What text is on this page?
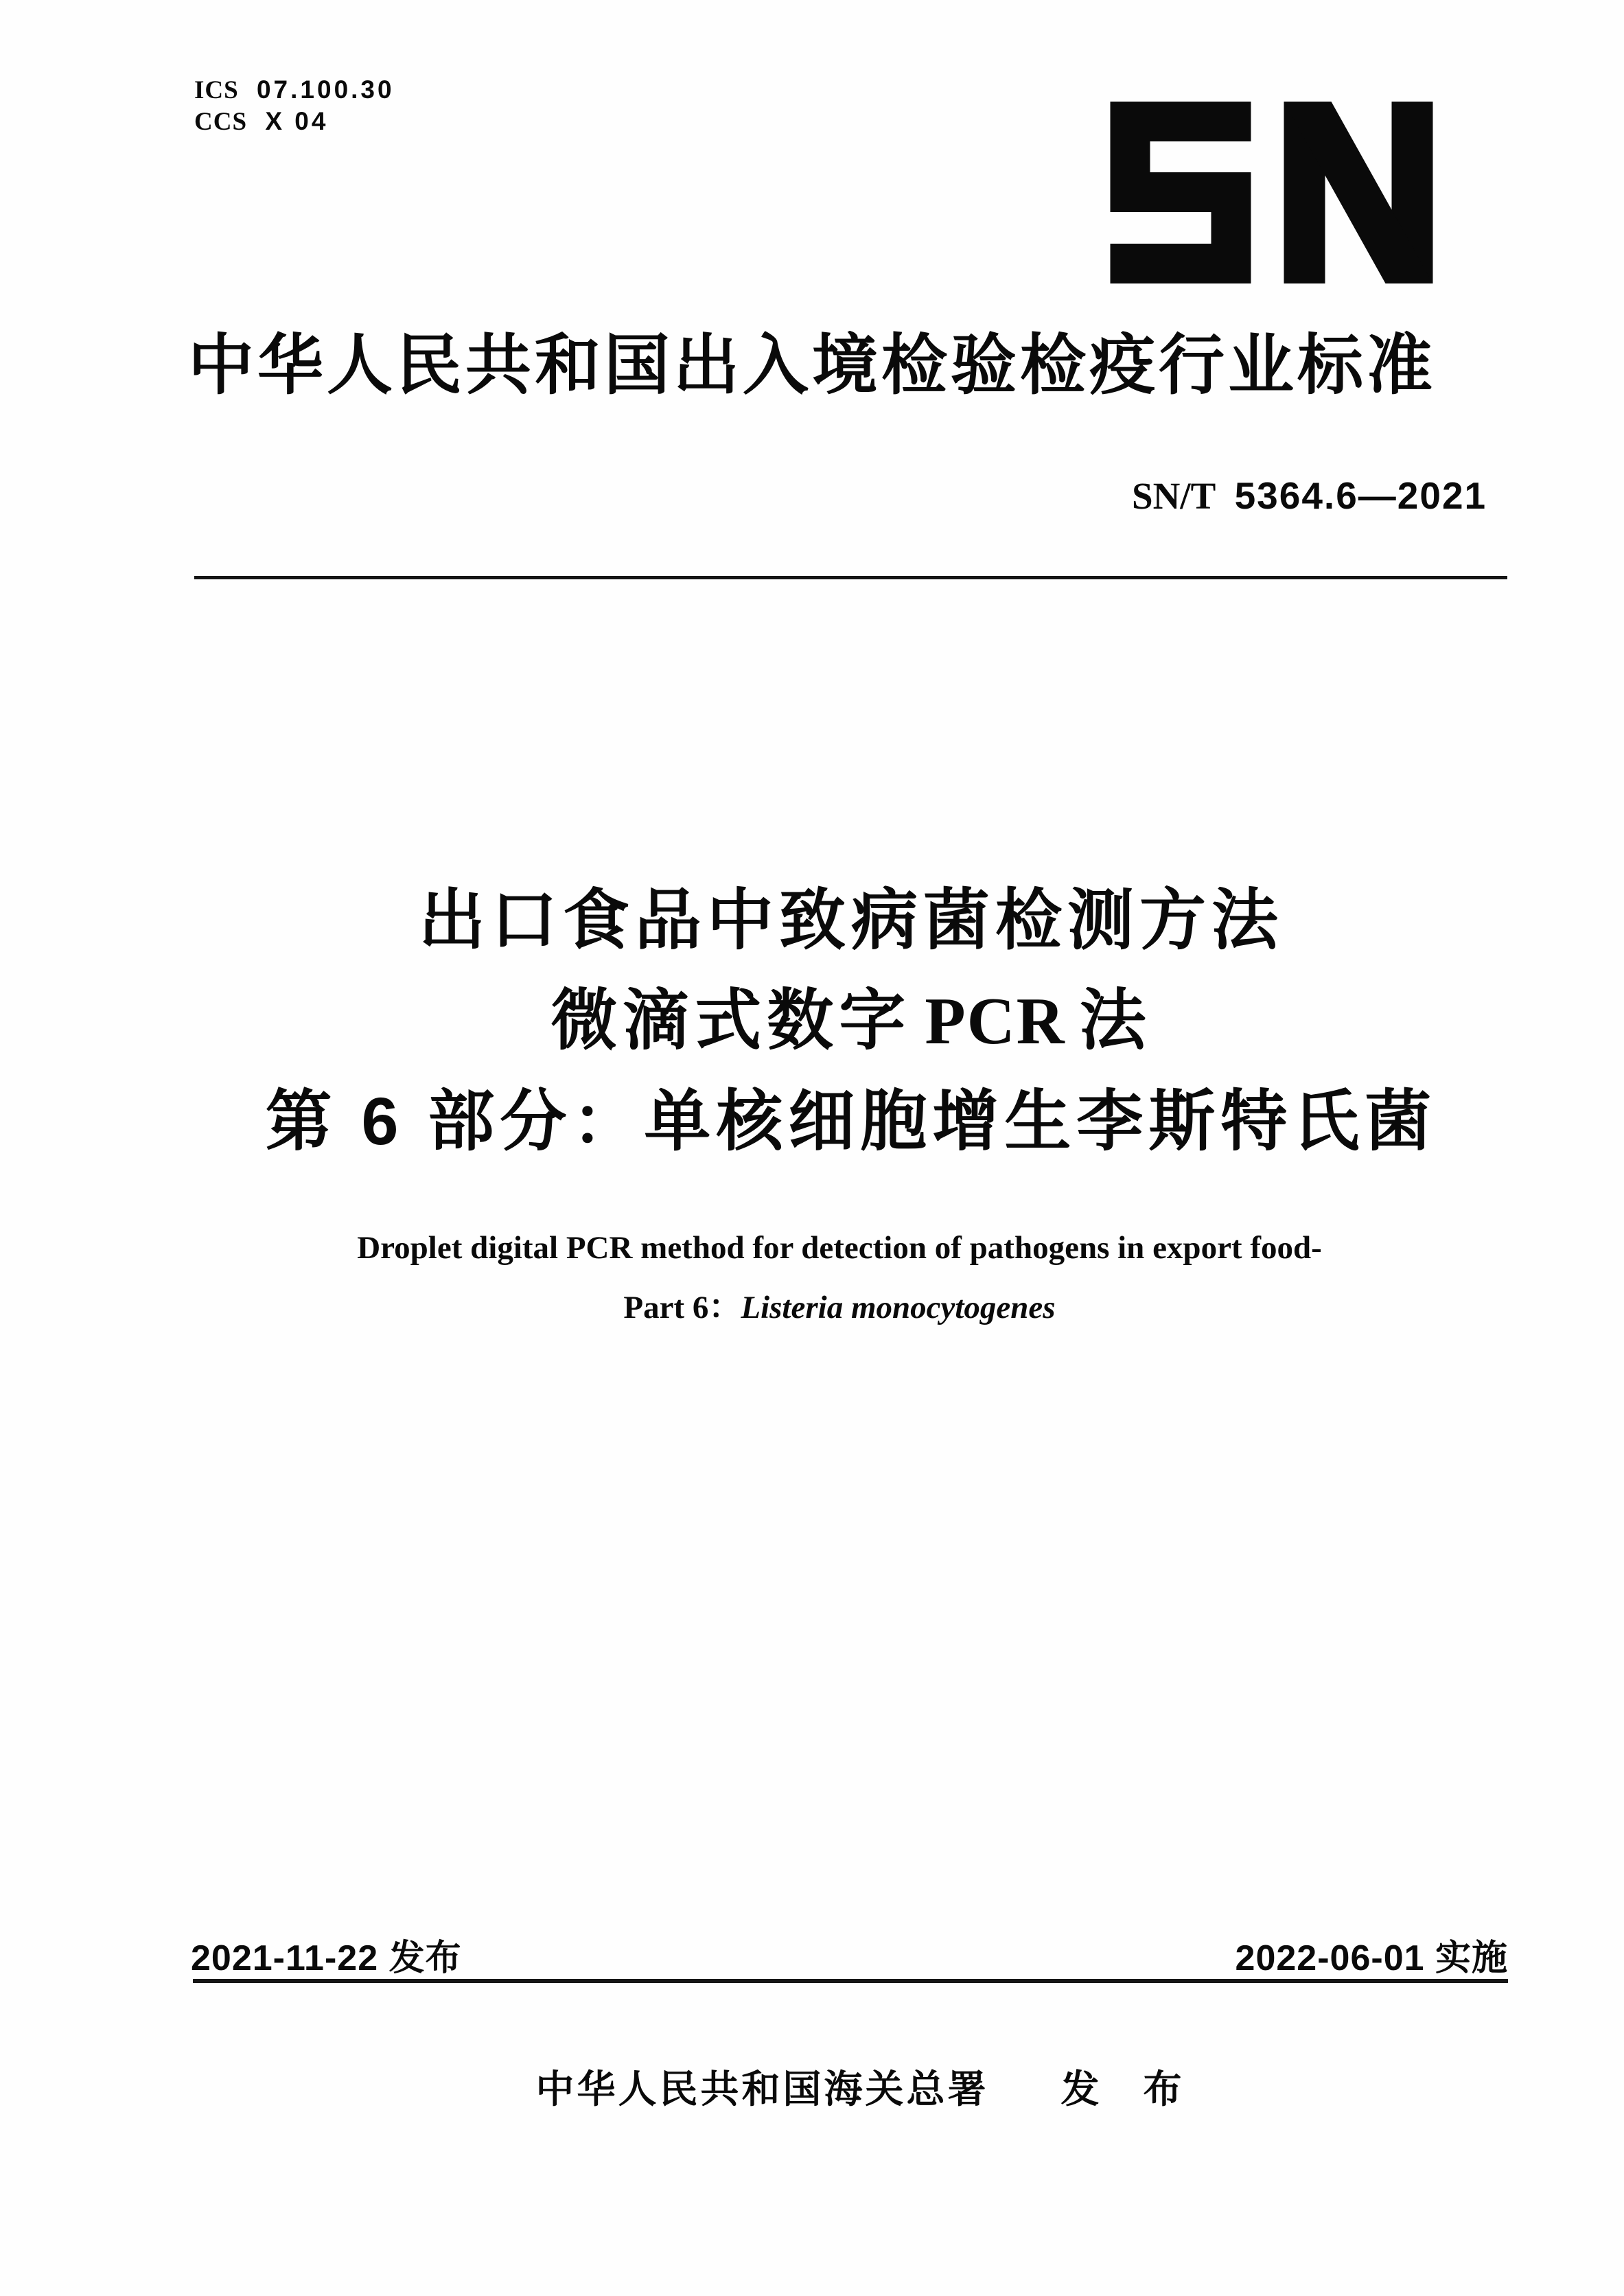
ICS 07.100.30
CCS X 04
中华人民共和国出入境检验检疫行业标准
SN/T 5364.6—2021
出口食品中致病菌检测方法
微滴式数字 PCR 法
第 6 部分：单核细胞增生李斯特氏菌
Droplet digital PCR method for detection of pathogens in export food-
Part 6：Listeria monocytogenes
2021-11-22 发布	2022-06-01 实施
中华人民共和国海关总署 发　布
